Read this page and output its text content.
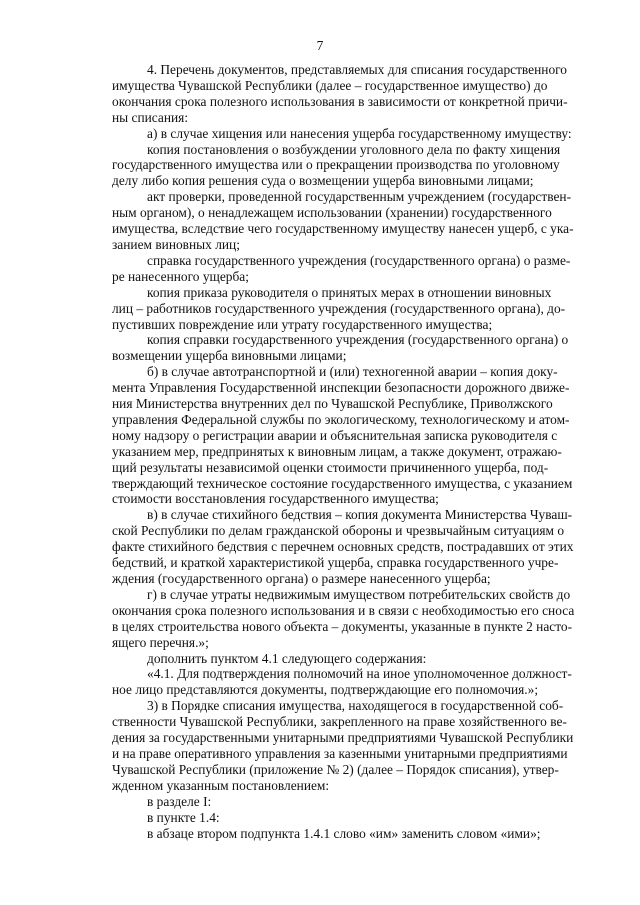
7

4. Перечень документов, представляемых для списания государственного
имущества Чувашской Республики (далее – государственное имущество) до
окончания срока полезного использования в зависимости от конкретной причи-
ны списания:

а) в случае хищения или нанесения ущерба государственному имуществу:

копия постановления о возбуждении уголовного дела по факту хищения
государственного имущества или о прекращении производства по уголовному
делу либо копия решения суда о возмещении ущерба виновными лицами;

акт проверки, проведенной государственным учреждением (государствен-
ным органом), о ненадлежащем использовании (хранении) государственного
имущества, вследствие чего государственному имуществу нанесен ущерб, с ука-
занием виновных лиц;

справка государственного учреждения (государственного органа) о разме-
ре нанесенного ущерба;

копия приказа руководителя о принятых мерах в отношении виновных
лиц – работников государственного учреждения (государственного органа), до-
пустивших повреждение или утрату государственного имущества;

копия справки государственного учреждения (государственного органа) о
возмещении ущерба виновными лицами;

б) в случае автотранспортной и (или) техногенной аварии – копия доку-
мента Управления Государственной инспекции безопасности дорожного движе-
ния Министерства внутренних дел по Чувашской Республике, Приволжского
управления Федеральной службы по экологическому, технологическому и атом-
ному надзору о регистрации аварии и объяснительная записка руководителя с
указанием мер, предпринятых к виновным лицам, а также документ, отражаю-
щий результаты независимой оценки стоимости причиненного ущерба, под-
тверждающий техническое состояние государственного имущества, с указанием
стоимости восстановления государственного имущества;

в) в случае стихийного бедствия – копия документа Министерства Чуваш-
ской Республики по делам гражданской обороны и чрезвычайным ситуациям о
факте стихийного бедствия с перечнем основных средств, пострадавших от этих
бедствий, и краткой характеристикой ущерба, справка государственного учре-
ждения (государственного органа) о размере нанесенного ущерба;

г) в случае утраты недвижимым имуществом потребительских свойств до
окончания срока полезного использования и в связи с необходимостью его сноса
в целях строительства нового объекта – документы, указанные в пункте 2 насто-
ящего перечня.»;

дополнить пунктом 4.1 следующего содержания:

«4.1. Для подтверждения полномочий на иное уполномоченное должност-
ное лицо представляются документы, подтверждающие его полномочия.»;

3) в Порядке списания имущества, находящегося в государственной соб-
ственности Чувашской Республики, закрепленного на праве хозяйственного ве-
дения за государственными унитарными предприятиями Чувашской Республики
и на праве оперативного управления за казенными унитарными предприятиями
Чувашской Республики (приложение № 2) (далее – Порядок списания), утвер-
жденном указанным постановлением:

в разделе I:

в пункте 1.4:

в абзаце втором подпункта 1.4.1 слово «им» заменить словом «ими»;
